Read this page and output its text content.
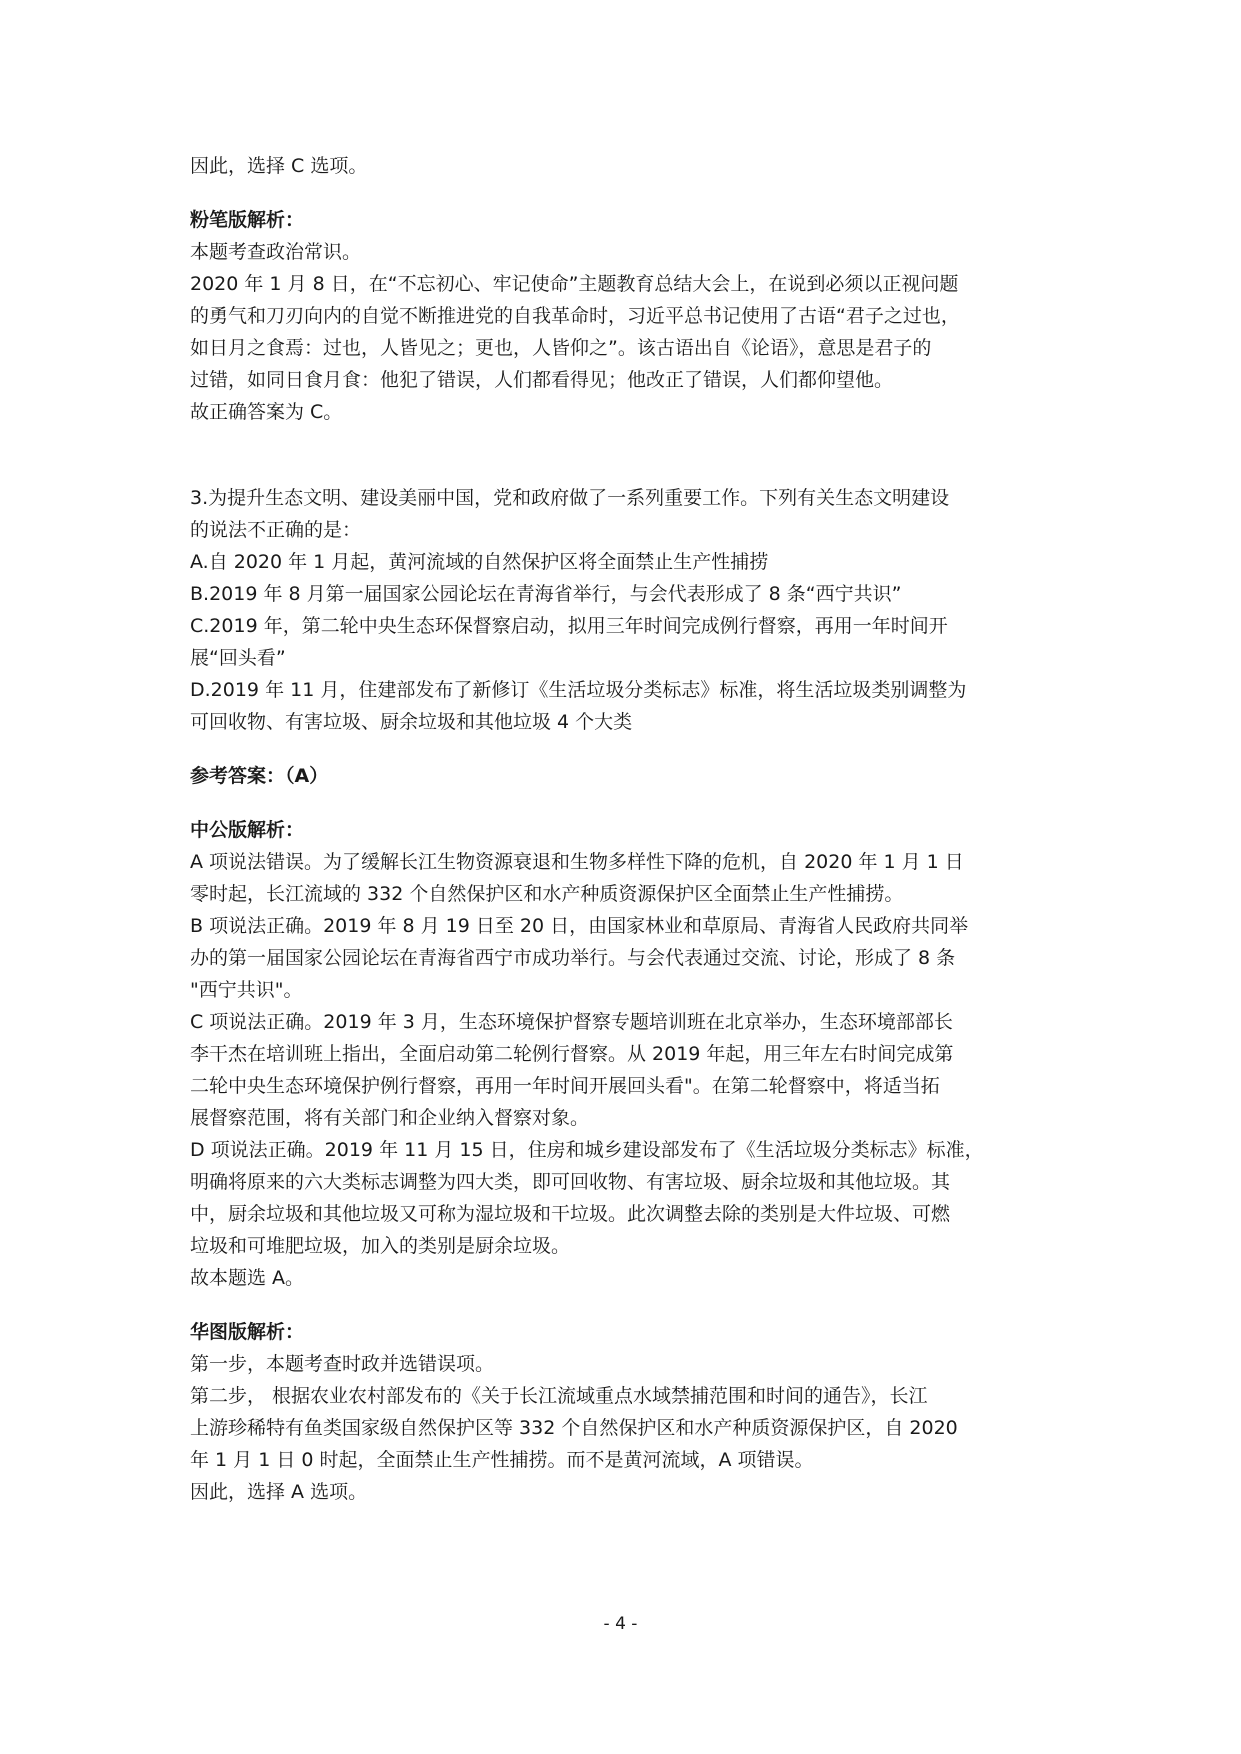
因此，选择 C 选项。

粉笔版解析：

本题考查政治常识。

2020 年 1 月 8 日，在“不忘初心、牢记使命”主题教育总结大会上，在说到必须以正视问题

的勇气和刀刃向内的自觉不断推进党的自我革命时，习近平总书记使用了古语“君子之过也，

如日月之食焉：过也，人皆见之；更也，人皆仰之”。该古语出自《论语》，意思是君子的

过错，如同日食月食：他犯了错误，人们都看得见；他改正了错误，人们都仰望他。

故正确答案为 C。

3.为提升生态文明、建设美丽中国，党和政府做了一系列重要工作。下列有关生态文明建设

的说法不正确的是：

A.自 2020 年 1 月起，黄河流域的自然保护区将全面禁止生产性捕捞

B.2019 年 8 月第一届国家公园论坛在青海省举行，与会代表形成了 8 条“西宁共识”

C.2019 年，第二轮中央生态环保督察启动，拟用三年时间完成例行督察，再用一年时间开

展“回头看”

D.2019 年 11 月，住建部发布了新修订《生活垃圾分类标志》标准，将生活垃圾类别调整为

可回收物、有害垃圾、厨余垃圾和其他垃圾 4 个大类

参考答案：（A）

中公版解析：

A 项说法错误。为了缓解长江生物资源衰退和生物多样性下降的危机，自 2020 年 1 月 1 日

零时起，长江流域的 332 个自然保护区和水产种质资源保护区全面禁止生产性捕捞。

B 项说法正确。2019 年 8 月 19 日至 20 日，由国家林业和草原局、青海省人民政府共同举

办的第一届国家公园论坛在青海省西宁市成功举行。与会代表通过交流、讨论，形成了 8 条

"西宁共识"。

C 项说法正确。2019 年 3 月，生态环境保护督察专题培训班在北京举办，生态环境部部长

李干杰在培训班上指出，全面启动第二轮例行督察。从 2019 年起，用三年左右时间完成第

二轮中央生态环境保护例行督察，再用一年时间开展回头看"。在第二轮督察中，将适当拓

展督察范围，将有关部门和企业纳入督察对象。

D 项说法正确。2019 年 11 月 15 日，住房和城乡建设部发布了《生活垃圾分类标志》标准，

明确将原来的六大类标志调整为四大类，即可回收物、有害垃圾、厨余垃圾和其他垃圾。其

中，厨余垃圾和其他垃圾又可称为湿垃圾和干垃圾。此次调整去除的类别是大件垃圾、可燃

垃圾和可堆肥垃圾，加入的类别是厨余垃圾。

故本题选 A。

华图版解析：

第一步，本题考查时政并选错误项。

第二步， 根据农业农村部发布的《关于长江流域重点水域禁捕范围和时间的通告》，长江

上游珍稀特有鱼类国家级自然保护区等 332 个自然保护区和水产种质资源保护区，自 2020

年 1 月 1 日 0 时起，全面禁止生产性捕捞。而不是黄河流域，A 项错误。

因此，选择 A 选项。

- 4 -
